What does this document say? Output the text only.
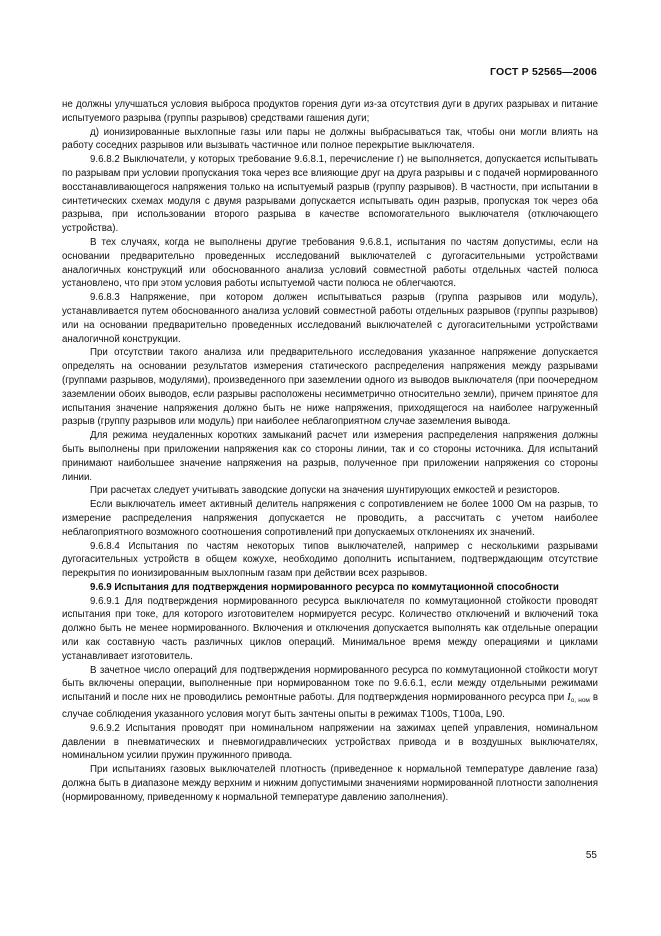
ГОСТ Р 52565—2006

не должны улучшаться условия выброса продуктов горения дуги из-за отсутствия дуги в других разрывах и питание испытуемого разрыва (группы разрывов) средствами гашения дуги;

д) ионизированные выхлопные газы или пары не должны выбрасываться так, чтобы они могли влиять на работу соседних разрывов или вызывать частичное или полное перекрытие выключателя.

9.6.8.2 Выключатели, у которых требование 9.6.8.1, перечисление г) не выполняется, допускается испытывать по разрывам при условии пропускания тока через все влияющие друг на друга разрывы и с подачей нормированного восстанавливающегося напряжения только на испытуемый разрыв (группу разрывов). В частности, при испытании в синтетических схемах модуля с двумя разрывами допускается испытывать один разрыв, пропуская ток через оба разрыва, при использовании второго разрыва в качестве вспомогательного выключателя (отключающего устройства).

В тех случаях, когда не выполнены другие требования 9.6.8.1, испытания по частям допустимы, если на основании предварительно проведенных исследований выключателей с дугогасительными устройствами аналогичных конструкций или обоснованного анализа условий совместной работы отдельных частей полюса установлено, что при этом условия работы испытуемой части полюса не облегчаются.

9.6.8.3 Напряжение, при котором должен испытываться разрыв (группа разрывов или модуль), устанавливается путем обоснованного анализа условий совместной работы отдельных разрывов (группы разрывов) или на основании предварительно проведенных исследований выключателей с дугогасительными устройствами аналогичной конструкции.

При отсутствии такого анализа или предварительного исследования указанное напряжение допускается определять на основании результатов измерения статического распределения напряжения между разрывами (группами разрывов, модулями), произведенного при заземлении одного из выводов выключателя (при поочередном заземлении обоих выводов, если разрывы расположены несимметрично относительно земли), причем принятое для испытания значение напряжения должно быть не ниже напряжения, приходящегося на наиболее нагруженный разрыв (группу разрывов или модуль) при наиболее неблагоприятном случае заземления вывода.

Для режима неудаленных коротких замыканий расчет или измерения распределения напряжения должны быть выполнены при приложении напряжения как со стороны линии, так и со стороны источника. Для испытаний принимают наибольшее значение напряжения на разрыв, полученное при приложении напряжения со стороны линии.

При расчетах следует учитывать заводские допуски на значения шунтирующих емкостей и резисторов.

Если выключатель имеет активный делитель напряжения с сопротивлением не более 1000 Ом на разрыв, то измерение распределения напряжения допускается не проводить, а рассчитать с учетом наиболее неблагоприятного возможного соотношения сопротивлений при допускаемых отклонениях их значений.

9.6.8.4 Испытания по частям некоторых типов выключателей, например с несколькими разрывами дугогасительных устройств в общем кожухе, необходимо дополнить испытанием, подтверждающим отсутствие перекрытия по ионизированным выхлопным газам при действии всех разрывов.

9.6.9 Испытания для подтверждения нормированного ресурса по коммутационной способности

9.6.9.1 Для подтверждения нормированного ресурса выключателя по коммутационной стойкости проводят испытания при токе, для которого изготовителем нормируется ресурс. Количество отключений и включений тока должно быть не менее нормированного. Включения и отключения допускается выполнять как отдельные операции или как составную часть различных циклов операций. Минимальное время между операциями и циклами устанавливает изготовитель.

В зачетное число операций для подтверждения нормированного ресурса по коммутационной стойкости могут быть включены операции, выполненные при нормированном токе по 9.6.6.1, если между отдельными режимами испытаний и после них не проводились ремонтные работы. Для подтверждения нормированного ресурса при $I_{о, ном}$ в случае соблюдения указанного условия могут быть зачтены опыты в режимах T100s, T100a, L90.

9.6.9.2 Испытания проводят при номинальном напряжении на зажимах цепей управления, номинальном давлении в пневматических и пневмогидравлических устройствах привода и в воздушных выключателях, номинальном усилии пружин пружинного привода.

При испытаниях газовых выключателей плотность (приведенное к нормальной температуре давление газа) должна быть в диапазоне между верхним и нижним допустимыми значениями нормированной плотности заполнения (нормированному, приведенному к нормальной температуре давлению заполнения).

55
